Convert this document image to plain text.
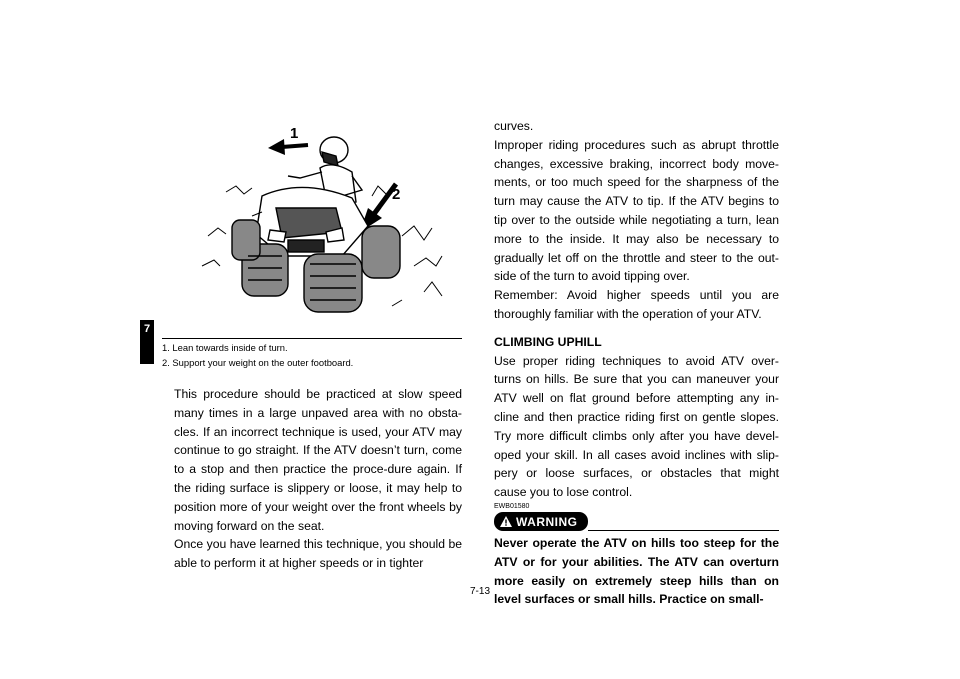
7
1
2
1. Lean towards inside of turn.
2. Support your weight on the outer footboard.

This procedure should be practiced at slow speed many times in a large unpaved area with no obsta-cles. If an incorrect technique is used, your ATV may continue to go straight. If the ATV doesn’t turn, come to a stop and then practice the proce-dure again. If the riding surface is slippery or loose, it may help to position more of your weight over the front wheels by moving forward on the seat.

Once you have learned this technique, you should be able to perform it at higher speeds or in tighter

curves.

Improper riding procedures such as abrupt throttle changes, excessive braking, incorrect body move-ments, or too much speed for the sharpness of the turn may cause the ATV to tip. If the ATV begins to tip over to the outside while negotiating a turn, lean more to the inside. It may also be necessary to gradually let off on the throttle and steer to the out-side of the turn to avoid tipping over.

Remember: Avoid higher speeds until you are thoroughly familiar with the operation of your ATV.

CLIMBING UPHILL

Use proper riding techniques to avoid ATV over-turns on hills. Be sure that you can maneuver your ATV well on flat ground before attempting any in-cline and then practice riding first on gentle slopes. Try more difficult climbs only after you have devel-oped your skill. In all cases avoid inclines with slip-pery or loose surfaces, or obstacles that might cause you to lose control.

EWB01580

WARNING

Never operate the ATV on hills too steep for the ATV or for your abilities. The ATV can overturn more easily on extremely steep hills than on level surfaces or small hills. Practice on small-

7-13
